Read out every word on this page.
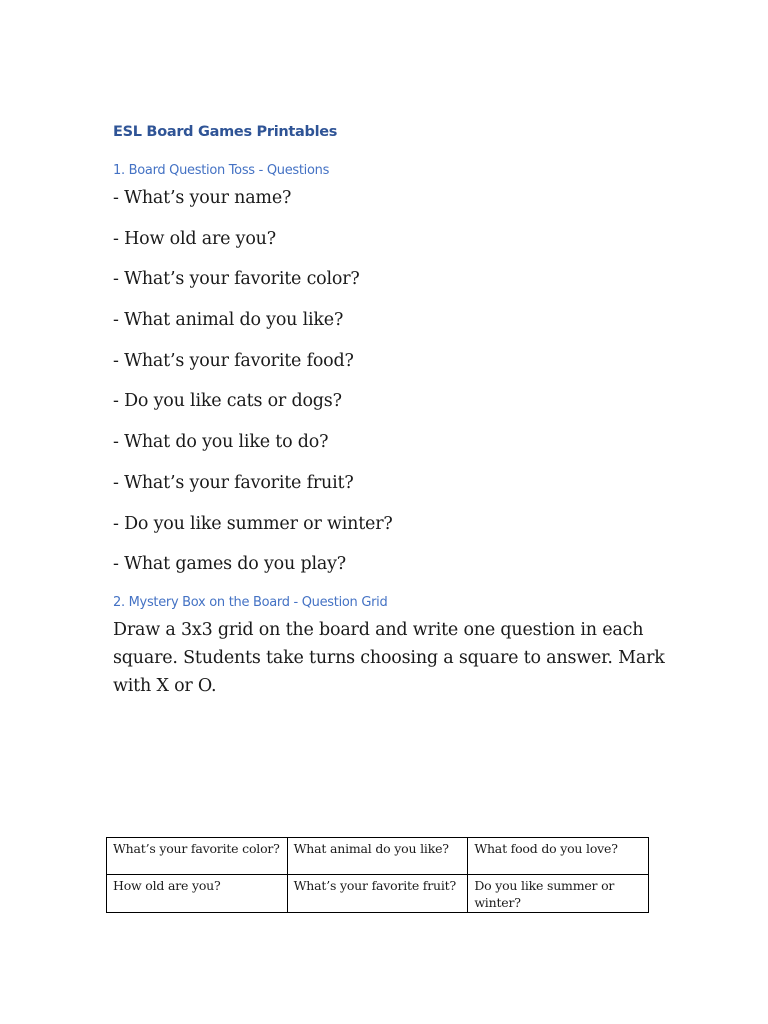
ESL Board Games Printables
1. Board Question Toss - Questions
- What’s your name?
- How old are you?
- What’s your favorite color?
- What animal do you like?
- What’s your favorite food?
- Do you like cats or dogs?
- What do you like to do?
- What’s your favorite fruit?
- Do you like summer or winter?
- What games do you play?
2. Mystery Box on the Board - Question Grid
Draw a 3x3 grid on the board and write one question in each square. Students take turns choosing a square to answer. Mark with X or O.
What’s your favorite color?	What animal do you like?	What food do you love?
How old are you?	What’s your favorite fruit?	Do you like summer or winter?
